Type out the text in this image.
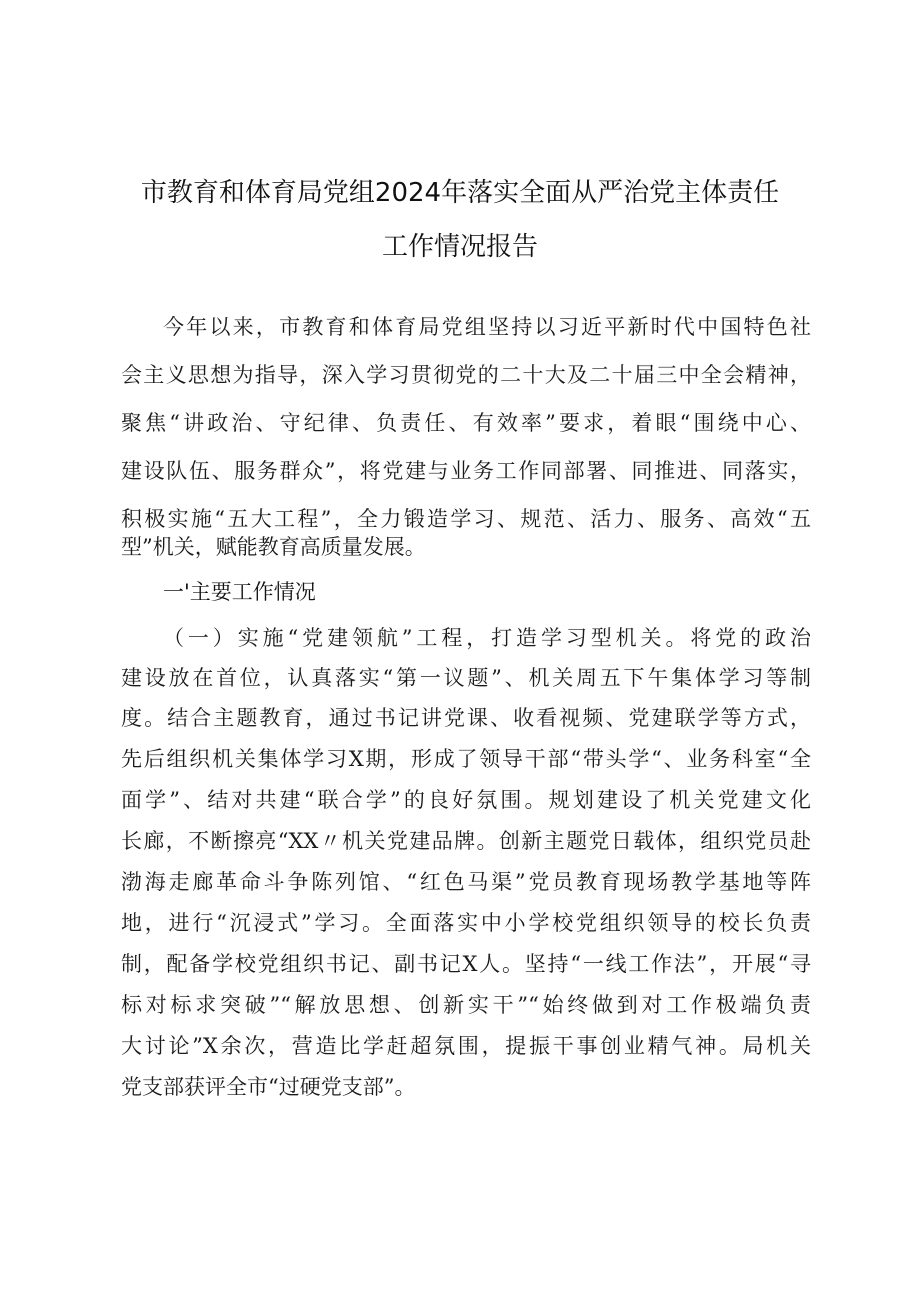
市教育和体育局党组2024年落实全面从严治党主体责任
工作情况报告
今年以来，市教育和体育局党组坚持以习近平新时代中国特色社
会主义思想为指导，深入学习贯彻党的二十大及二十届三中全会精神，
聚焦“讲政治、守纪律、负责任、有效率”要求，着眼“围绕中心、
建设队伍、服务群众”，将党建与业务工作同部署、同推进、同落实，
积极实施“五大工程”，全力锻造学习、规范、活力、服务、高效“五
型”机关，赋能教育高质量发展。
一'主要工作情况
（一）实施“党建领航”工程，打造学习型机关。将党的政治
建设放在首位，认真落实“第一议题”、机关周五下午集体学习等制
度。结合主题教育，通过书记讲党课、收看视频、党建联学等方式，
先后组织机关集体学习X期，形成了领导干部“带头学“、业务科室“全
面学”、结对共建“联合学”的良好氛围。规划建设了机关党建文化
长廊，不断擦亮“XX〃机关党建品牌。创新主题党日载体，组织党员赴
渤海走廊革命斗争陈列馆、“红色马渠”党员教育现场教学基地等阵
地，进行“沉浸式”学习。全面落实中小学校党组织领导的校长负责
制，配备学校党组织书记、副书记X人。坚持“一线工作法”，开展“寻
标对标求突破”“解放思想、创新实干”“始终做到对工作极端负责
大讨论”X余次，营造比学赶超氛围，提振干事创业精气神。局机关
党支部获评全市“过硬党支部”。
